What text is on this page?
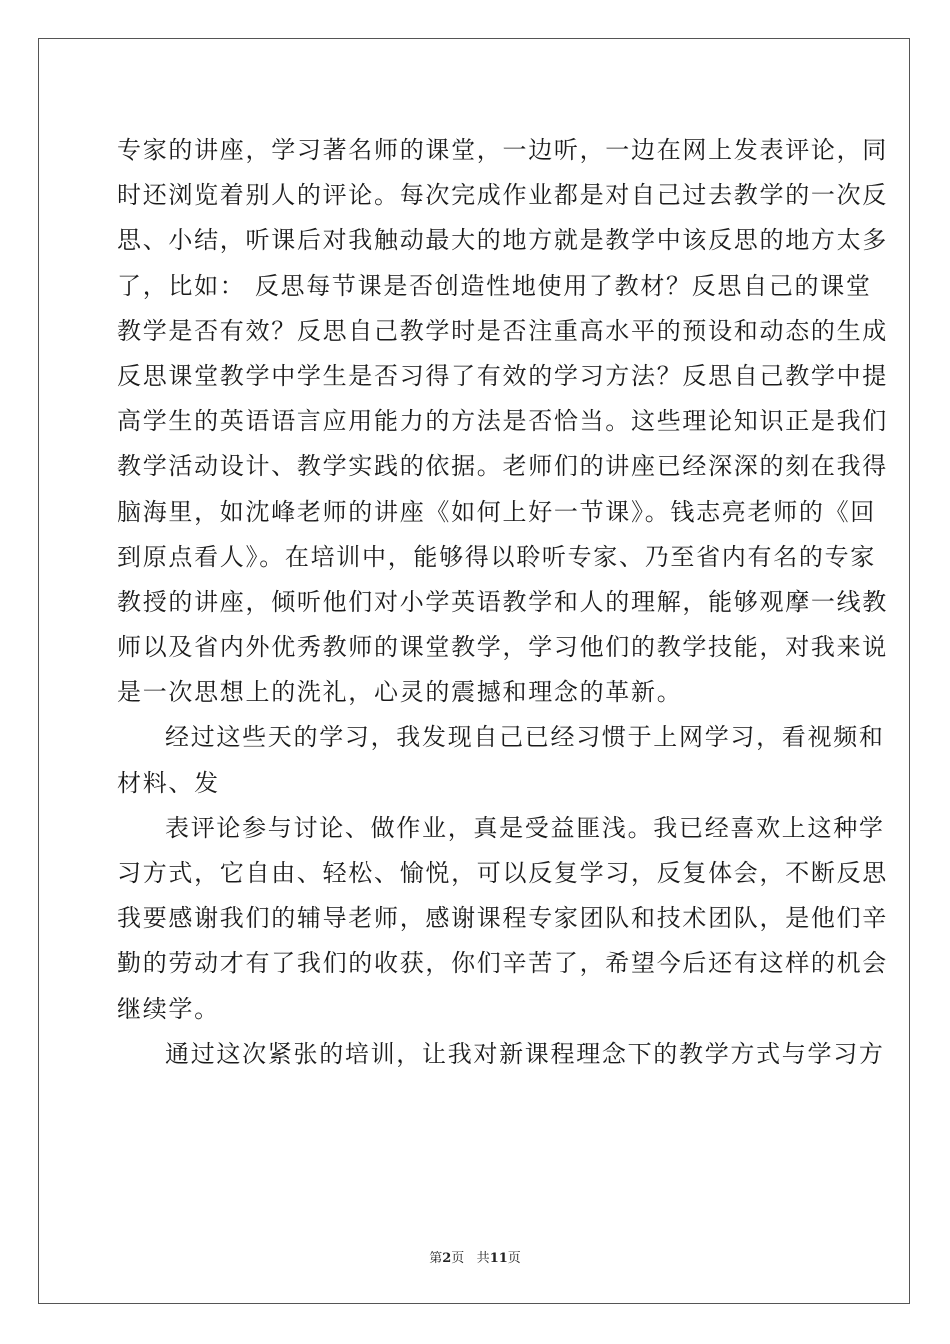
专家的讲座，学习著名师的课堂，一边听，一边在网上发表评论，同
时还浏览着别人的评论。每次完成作业都是对自己过去教学的一次反
思、小结，听课后对我触动最大的地方就是教学中该反思的地方太多
了，比如： 反思每节课是否创造性地使用了教材？反思自己的课堂
教学是否有效？反思自己教学时是否注重高水平的预设和动态的生成
反思课堂教学中学生是否习得了有效的学习方法？反思自己教学中提
高学生的英语语言应用能力的方法是否恰当。这些理论知识正是我们
教学活动设计、教学实践的依据。老师们的讲座已经深深的刻在我得
脑海里，如沈峰老师的讲座《如何上好一节课》。钱志亮老师的《回
到原点看人》。在培训中，能够得以聆听专家、乃至省内有名的专家
教授的讲座，倾听他们对小学英语教学和人的理解，能够观摩一线教
师以及省内外优秀教师的课堂教学，学习他们的教学技能，对我来说
是一次思想上的洗礼，心灵的震撼和理念的革新。

经过这些天的学习，我发现自己已经习惯于上网学习，看视频和
材料、发

表评论参与讨论、做作业，真是受益匪浅。我已经喜欢上这种学
习方式，它自由、轻松、愉悦，可以反复学习，反复体会，不断反思
我要感谢我们的辅导老师，感谢课程专家团队和技术团队，是他们辛
勤的劳动才有了我们的收获，你们辛苦了，希望今后还有这样的机会
继续学。

通过这次紧张的培训，让我对新课程理念下的教学方式与学习方

第2页 共11页
